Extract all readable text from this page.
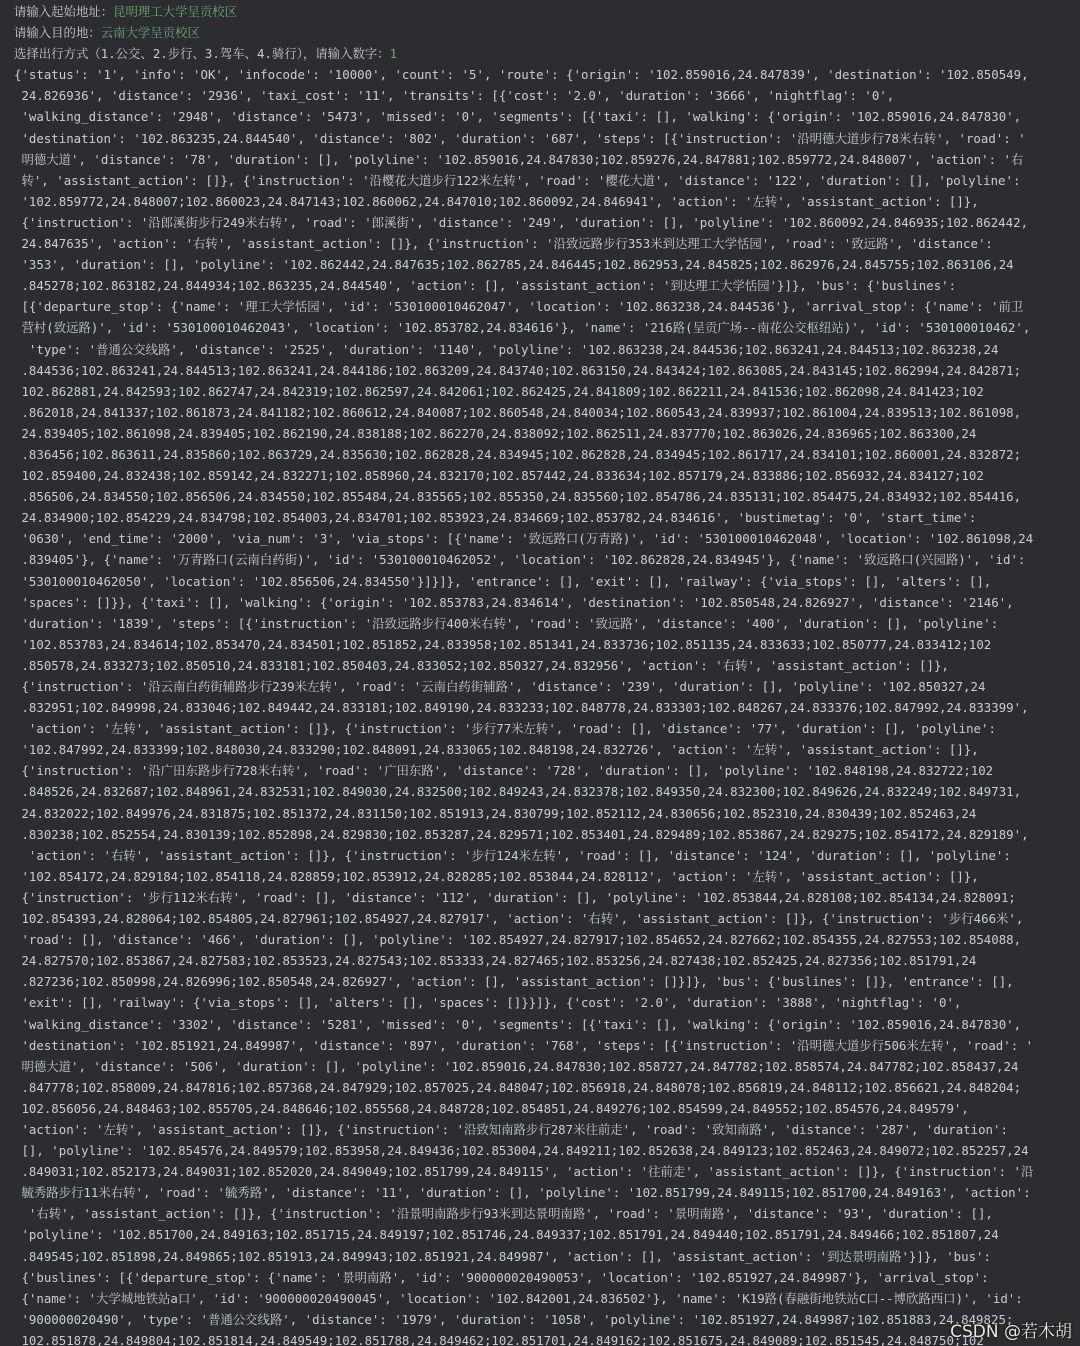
请输入起始地址：昆明理工大学呈贡校区
请输入目的地：云南大学呈贡校区
选择出行方式（1.公交、2.步行、3.驾车、4.骑行），请输入数字：1
{'status': '1', 'info': 'OK', 'infocode': '10000', 'count': '5', 'route': {'origin': '102.859016,24.847839', 'destination': '102.850549,
24.826936', 'distance': '2936', 'taxi_cost': '11', 'transits': [{'cost': '2.0', 'duration': '3666', 'nightflag': '0',
'walking_distance': '2948', 'distance': '5473', 'missed': '0', 'segments': [{'taxi': [], 'walking': {'origin': '102.859016,24.847830',
'destination': '102.863235,24.844540', 'distance': '802', 'duration': '687', 'steps': [{'instruction': '沿明德大道步行78米右转', 'road': '
明德大道', 'distance': '78', 'duration': [], 'polyline': '102.859016,24.847830;102.859276,24.847881;102.859772,24.848007', 'action': '右
转', 'assistant_action': []}, {'instruction': '沿樱花大道步行122米左转', 'road': '樱花大道', 'distance': '122', 'duration': [], 'polyline':
'102.859772,24.848007;102.860023,24.847143;102.860062,24.847010;102.860092,24.846941', 'action': '左转', 'assistant_action': []},
{'instruction': '沿郎溪街步行249米右转', 'road': '郎溪街', 'distance': '249', 'duration': [], 'polyline': '102.860092,24.846935;102.862442,
24.847635', 'action': '右转', 'assistant_action': []}, {'instruction': '沿致远路步行353米到达理工大学恬园', 'road': '致远路', 'distance':
'353', 'duration': [], 'polyline': '102.862442,24.847635;102.862785,24.846445;102.862953,24.845825;102.862976,24.845755;102.863106,24
.845278;102.863182,24.844934;102.863235,24.844540', 'action': [], 'assistant_action': '到达理工大学恬园'}]}, 'bus': {'buslines':
[{'departure_stop': {'name': '理工大学恬园', 'id': '530100010462047', 'location': '102.863238,24.844536'}, 'arrival_stop': {'name': '前卫
营村(致远路)', 'id': '530100010462043', 'location': '102.853782,24.834616'}, 'name': '216路(呈贡广场--南花公交枢纽站)', 'id': '530100010462',
'type': '普通公交线路', 'distance': '2525', 'duration': '1140', 'polyline': '102.863238,24.844536;102.863241,24.844513;102.863238,24
.844536;102.863241,24.844513;102.863241,24.844186;102.863209,24.843740;102.863150,24.843424;102.863085,24.843145;102.862994,24.842871;
102.862881,24.842593;102.862747,24.842319;102.862597,24.842061;102.862425,24.841809;102.862211,24.841536;102.862098,24.841423;102
.862018,24.841337;102.861873,24.841182;102.860612,24.840087;102.860548,24.840034;102.860543,24.839937;102.861004,24.839513;102.861098,
24.839405;102.861098,24.839405;102.862190,24.838188;102.862270,24.838092;102.862511,24.837770;102.863026,24.836965;102.863300,24
.836456;102.863611,24.835860;102.863729,24.835630;102.862828,24.834945;102.862828,24.834945;102.861717,24.834101;102.860001,24.832872;
102.859400,24.832438;102.859142,24.832271;102.858960,24.832170;102.857442,24.833634;102.857179,24.833886;102.856932,24.834127;102
.856506,24.834550;102.856506,24.834550;102.855484,24.835565;102.855350,24.835560;102.854786,24.835131;102.854475,24.834932;102.854416,
24.834900;102.854229,24.834798;102.854003,24.834701;102.853923,24.834669;102.853782,24.834616', 'bustimetag': '0', 'start_time':
'0630', 'end_time': '2000', 'via_num': '3', 'via_stops': [{'name': '致远路口(万青路)', 'id': '530100010462048', 'location': '102.861098,24
.839405'}, {'name': '万青路口(云南白药街)', 'id': '530100010462052', 'location': '102.862828,24.834945'}, {'name': '致远路口(兴园路)', 'id':
'530100010462050', 'location': '102.856506,24.834550'}]}]}, 'entrance': [], 'exit': [], 'railway': {'via_stops': [], 'alters': [],
'spaces': []}}, {'taxi': [], 'walking': {'origin': '102.853783,24.834614', 'destination': '102.850548,24.826927', 'distance': '2146',
'duration': '1839', 'steps': [{'instruction': '沿致远路步行400米右转', 'road': '致远路', 'distance': '400', 'duration': [], 'polyline':
'102.853783,24.834614;102.853470,24.834501;102.851852,24.833958;102.851341,24.833736;102.851135,24.833633;102.850777,24.833412;102
.850578,24.833273;102.850510,24.833181;102.850403,24.833052;102.850327,24.832956', 'action': '右转', 'assistant_action': []},
{'instruction': '沿云南白药街辅路步行239米左转', 'road': '云南白药街辅路', 'distance': '239', 'duration': [], 'polyline': '102.850327,24
.832951;102.849998,24.833046;102.849442,24.833181;102.849190,24.833233;102.848778,24.833303;102.848267,24.833376;102.847992,24.833399',
'action': '左转', 'assistant_action': []}, {'instruction': '步行77米左转', 'road': [], 'distance': '77', 'duration': [], 'polyline':
'102.847992,24.833399;102.848030,24.833290;102.848091,24.833065;102.848198,24.832726', 'action': '左转', 'assistant_action': []},
{'instruction': '沿广田东路步行728米右转', 'road': '广田东路', 'distance': '728', 'duration': [], 'polyline': '102.848198,24.832722;102
.848526,24.832687;102.848961,24.832531;102.849030,24.832500;102.849243,24.832378;102.849350,24.832300;102.849626,24.832249;102.849731,
24.832022;102.849976,24.831875;102.851372,24.831150;102.851913,24.830799;102.852112,24.830656;102.852310,24.830439;102.852463,24
.830238;102.852554,24.830139;102.852898,24.829830;102.853287,24.829571;102.853401,24.829489;102.853867,24.829275;102.854172,24.829189',
'action': '右转', 'assistant_action': []}, {'instruction': '步行124米左转', 'road': [], 'distance': '124', 'duration': [], 'polyline':
'102.854172,24.829184;102.854118,24.828859;102.853912,24.828285;102.853844,24.828112', 'action': '左转', 'assistant_action': []},
{'instruction': '步行112米右转', 'road': [], 'distance': '112', 'duration': [], 'polyline': '102.853844,24.828108;102.854134,24.828091;
102.854393,24.828064;102.854805,24.827961;102.854927,24.827917', 'action': '右转', 'assistant_action': []}, {'instruction': '步行466米',
'road': [], 'distance': '466', 'duration': [], 'polyline': '102.854927,24.827917;102.854652,24.827662;102.854355,24.827553;102.854088,
24.827570;102.853867,24.827583;102.853523,24.827543;102.853333,24.827465;102.853256,24.827438;102.852425,24.827356;102.851791,24
.827236;102.850998,24.826996;102.850548,24.826927', 'action': [], 'assistant_action': []}]}, 'bus': {'buslines': []}, 'entrance': [],
'exit': [], 'railway': {'via_stops': [], 'alters': [], 'spaces': []}}]}, {'cost': '2.0', 'duration': '3888', 'nightflag': '0',
'walking_distance': '3302', 'distance': '5281', 'missed': '0', 'segments': [{'taxi': [], 'walking': {'origin': '102.859016,24.847830',
'destination': '102.851921,24.849987', 'distance': '897', 'duration': '768', 'steps': [{'instruction': '沿明德大道步行506米左转', 'road': '
明德大道', 'distance': '506', 'duration': [], 'polyline': '102.859016,24.847830;102.858727,24.847782;102.858574,24.847782;102.858437,24
.847778;102.858009,24.847816;102.857368,24.847929;102.857025,24.848047;102.856918,24.848078;102.856819,24.848112;102.856621,24.848204;
102.856056,24.848463;102.855705,24.848646;102.855568,24.848728;102.854851,24.849276;102.854599,24.849552;102.854576,24.849579',
'action': '左转', 'assistant_action': []}, {'instruction': '沿致知南路步行287米往前走', 'road': '致知南路', 'distance': '287', 'duration':
[], 'polyline': '102.854576,24.849579;102.853958,24.849436;102.853004,24.849211;102.852638,24.849123;102.852463,24.849072;102.852257,24
.849031;102.852173,24.849031;102.852020,24.849049;102.851799,24.849115', 'action': '往前走', 'assistant_action': []}, {'instruction': '沿
毓秀路步行11米右转', 'road': '毓秀路', 'distance': '11', 'duration': [], 'polyline': '102.851799,24.849115;102.851700,24.849163', 'action':
'右转', 'assistant_action': []}, {'instruction': '沿景明南路步行93米到达景明南路', 'road': '景明南路', 'distance': '93', 'duration': [],
'polyline': '102.851700,24.849163;102.851715,24.849197;102.851746,24.849337;102.851791,24.849440;102.851791,24.849466;102.851807,24
.849545;102.851898,24.849865;102.851913,24.849943;102.851921,24.849987', 'action': [], 'assistant_action': '到达景明南路'}]}, 'bus':
{'buslines': [{'departure_stop': {'name': '景明南路', 'id': '900000020490053', 'location': '102.851927,24.849987'}, 'arrival_stop':
{'name': '大学城地铁站a口', 'id': '900000020490045', 'location': '102.842001,24.836502'}, 'name': 'K19路(春融街地铁站C口--博欣路西口)', 'id':
'900000020490', 'type': '普通公交线路', 'distance': '1979', 'duration': '1058', 'polyline': '102.851927,24.849987;102.851883,24.849825;
102.851878,24.849804;102.851814,24.849549;102.851788,24.849462;102.851701,24.849162;102.851675,24.849089;102.851545,24.848750;102
CSDN @若木胡
